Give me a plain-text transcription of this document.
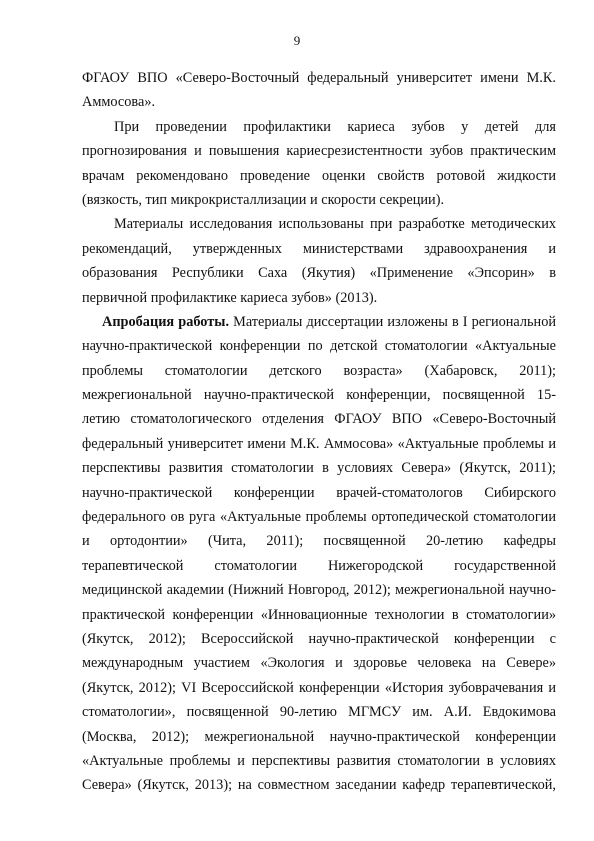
9
ФГАОУ ВПО «Северо-Восточный федеральный университет имени М.К.
Аммосова».
При проведении профилактики кариеса зубов у детей для
прогнозирования и повышения кариесрезистентности зубов практическим
врачам рекомендовано проведение оценки свойств ротовой жидкости
(вязкость, тип микрокристаллизации и скорости секреции).
Материалы исследования использованы при разработке методических
рекомендаций, утвержденных министерствами здравоохранения и
образования Республики Саха (Якутия) «Применение «Эпсорин» в
первичной профилактике кариеса зубов» (2013).
Апробация работы. Материалы диссертации изложены в I региональной
научно-практической конференции по детской стоматологии «Актуальные
проблемы стоматологии детского возраста» (Хабаровск, 2011);
межрегиональной научно-практической конференции, посвященной 15-
летию стоматологического отделения ФГАОУ ВПО «Северо-Восточный
федеральный университет имени М.К. Аммосова» «Актуальные проблемы и
перспективы развития стоматологии в условиях Севера» (Якутск, 2011);
научно-практической конференции врачей-стоматологов Сибирского
федерального ов руга «Актуальные проблемы ортопедической стоматологии
и ортодонтии» (Чита, 2011); посвященной 20-летию кафедры
терапевтической стоматологии Нижегородской государственной
медицинской академии (Нижний Новгород, 2012); межрегиональной научно-
практической конференции «Инновационные технологии в стоматологии»
(Якутск, 2012); Всероссийской научно-практической конференции с
международным участием «Экология и здоровье человека на Севере»
(Якутск, 2012); VI Всероссийской конференции «История зубоврачевания и
стоматологии», посвященной 90-летию МГМСУ им. А.И. Евдокимова
(Москва, 2012); межрегиональной научно-практической конференции
«Актуальные проблемы и перспективы развития стоматологии в условиях
Севера» (Якутск, 2013); на совместном заседании кафедр терапевтической,
